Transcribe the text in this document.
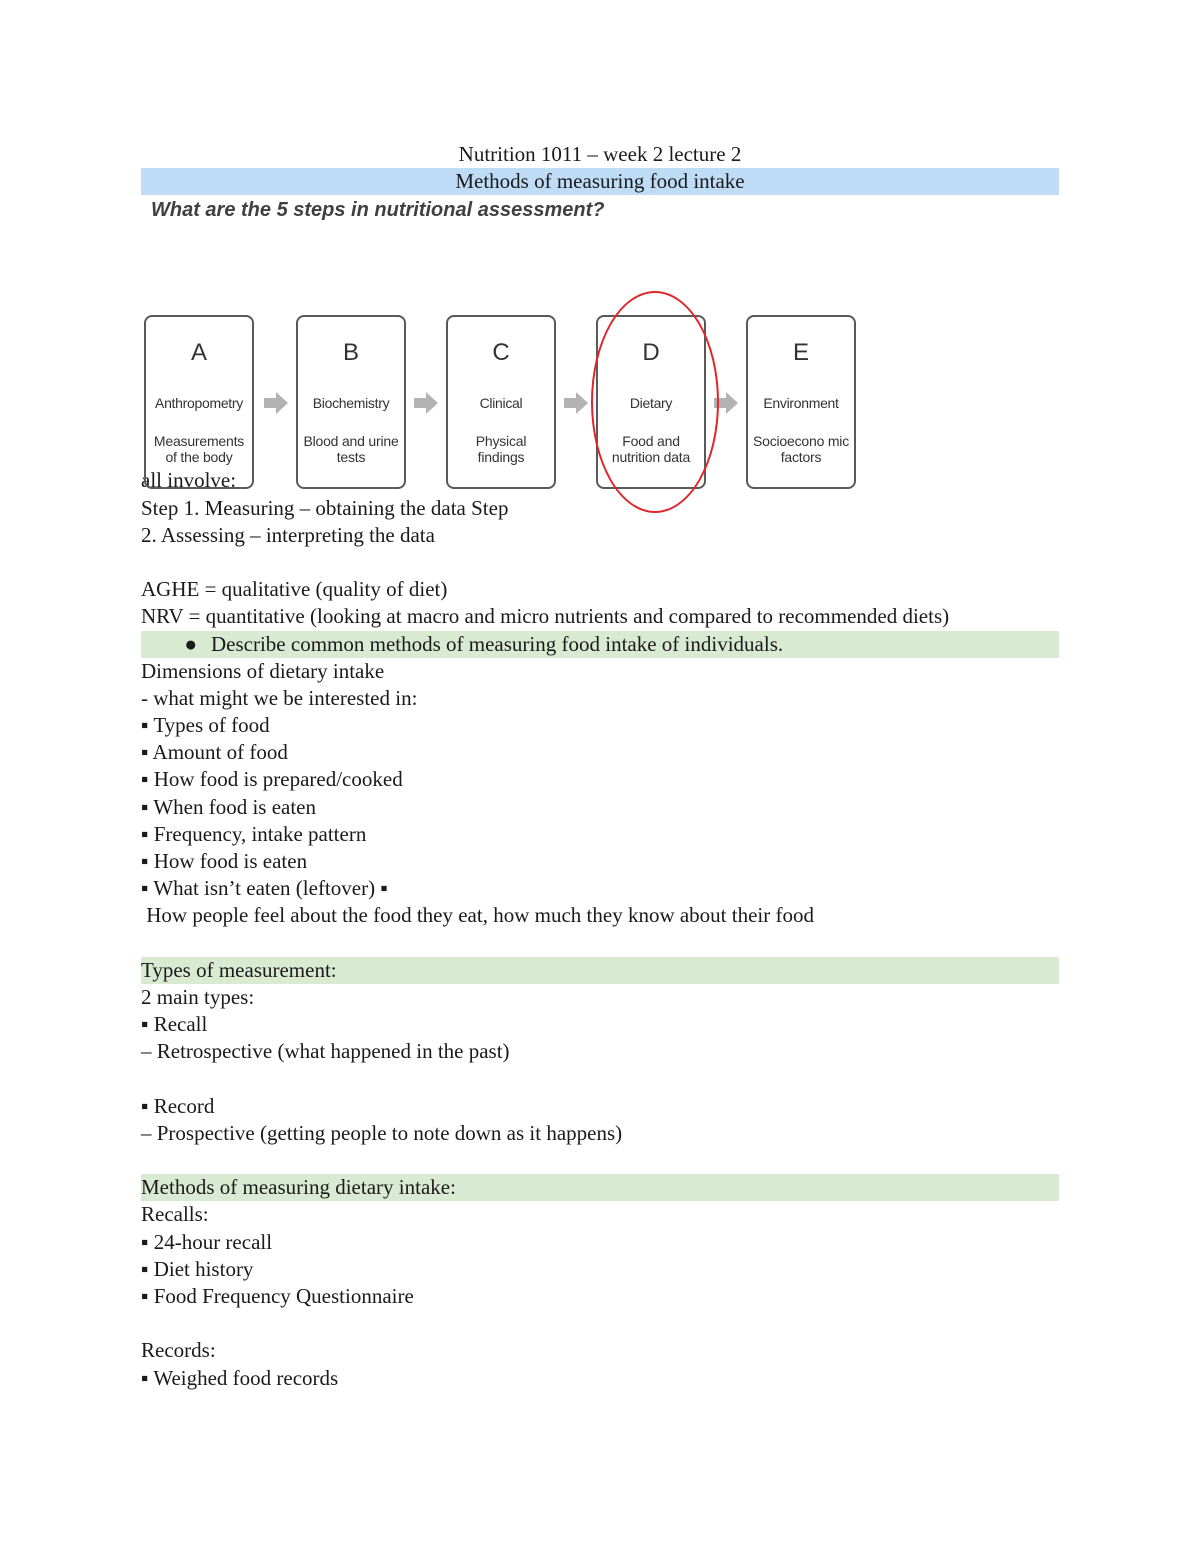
Nutrition 1011 – week 2 lecture 2
Methods of measuring food intake
What are the 5 steps in nutritional assessment?
A
Anthropometry
Measurements of the body
B
Biochemistry
Blood and urine tests
C
Clinical
Physical findings
D
Dietary
Food and nutrition data
E
Environment
Socioecono mic factors
all involve:
Step 1. Measuring – obtaining the data Step
2. Assessing – interpreting the data
AGHE = qualitative (quality of diet)
NRV = quantitative (looking at macro and micro nutrients and compared to recommended diets)
● Describe common methods of measuring food intake of individuals.
Dimensions of dietary intake
- what might we be interested in:
▪ Types of food
▪ Amount of food
▪ How food is prepared/cooked
▪ When food is eaten
▪ Frequency, intake pattern
▪ How food is eaten
▪ What isn’t eaten (leftover) ▪
How people feel about the food they eat, how much they know about their food
Types of measurement:
2 main types:
▪ Recall
– Retrospective (what happened in the past)
▪ Record
– Prospective (getting people to note down as it happens)
Methods of measuring dietary intake:
Recalls:
▪ 24-hour recall
▪ Diet history
▪ Food Frequency Questionnaire
Records:
▪ Weighed food records
